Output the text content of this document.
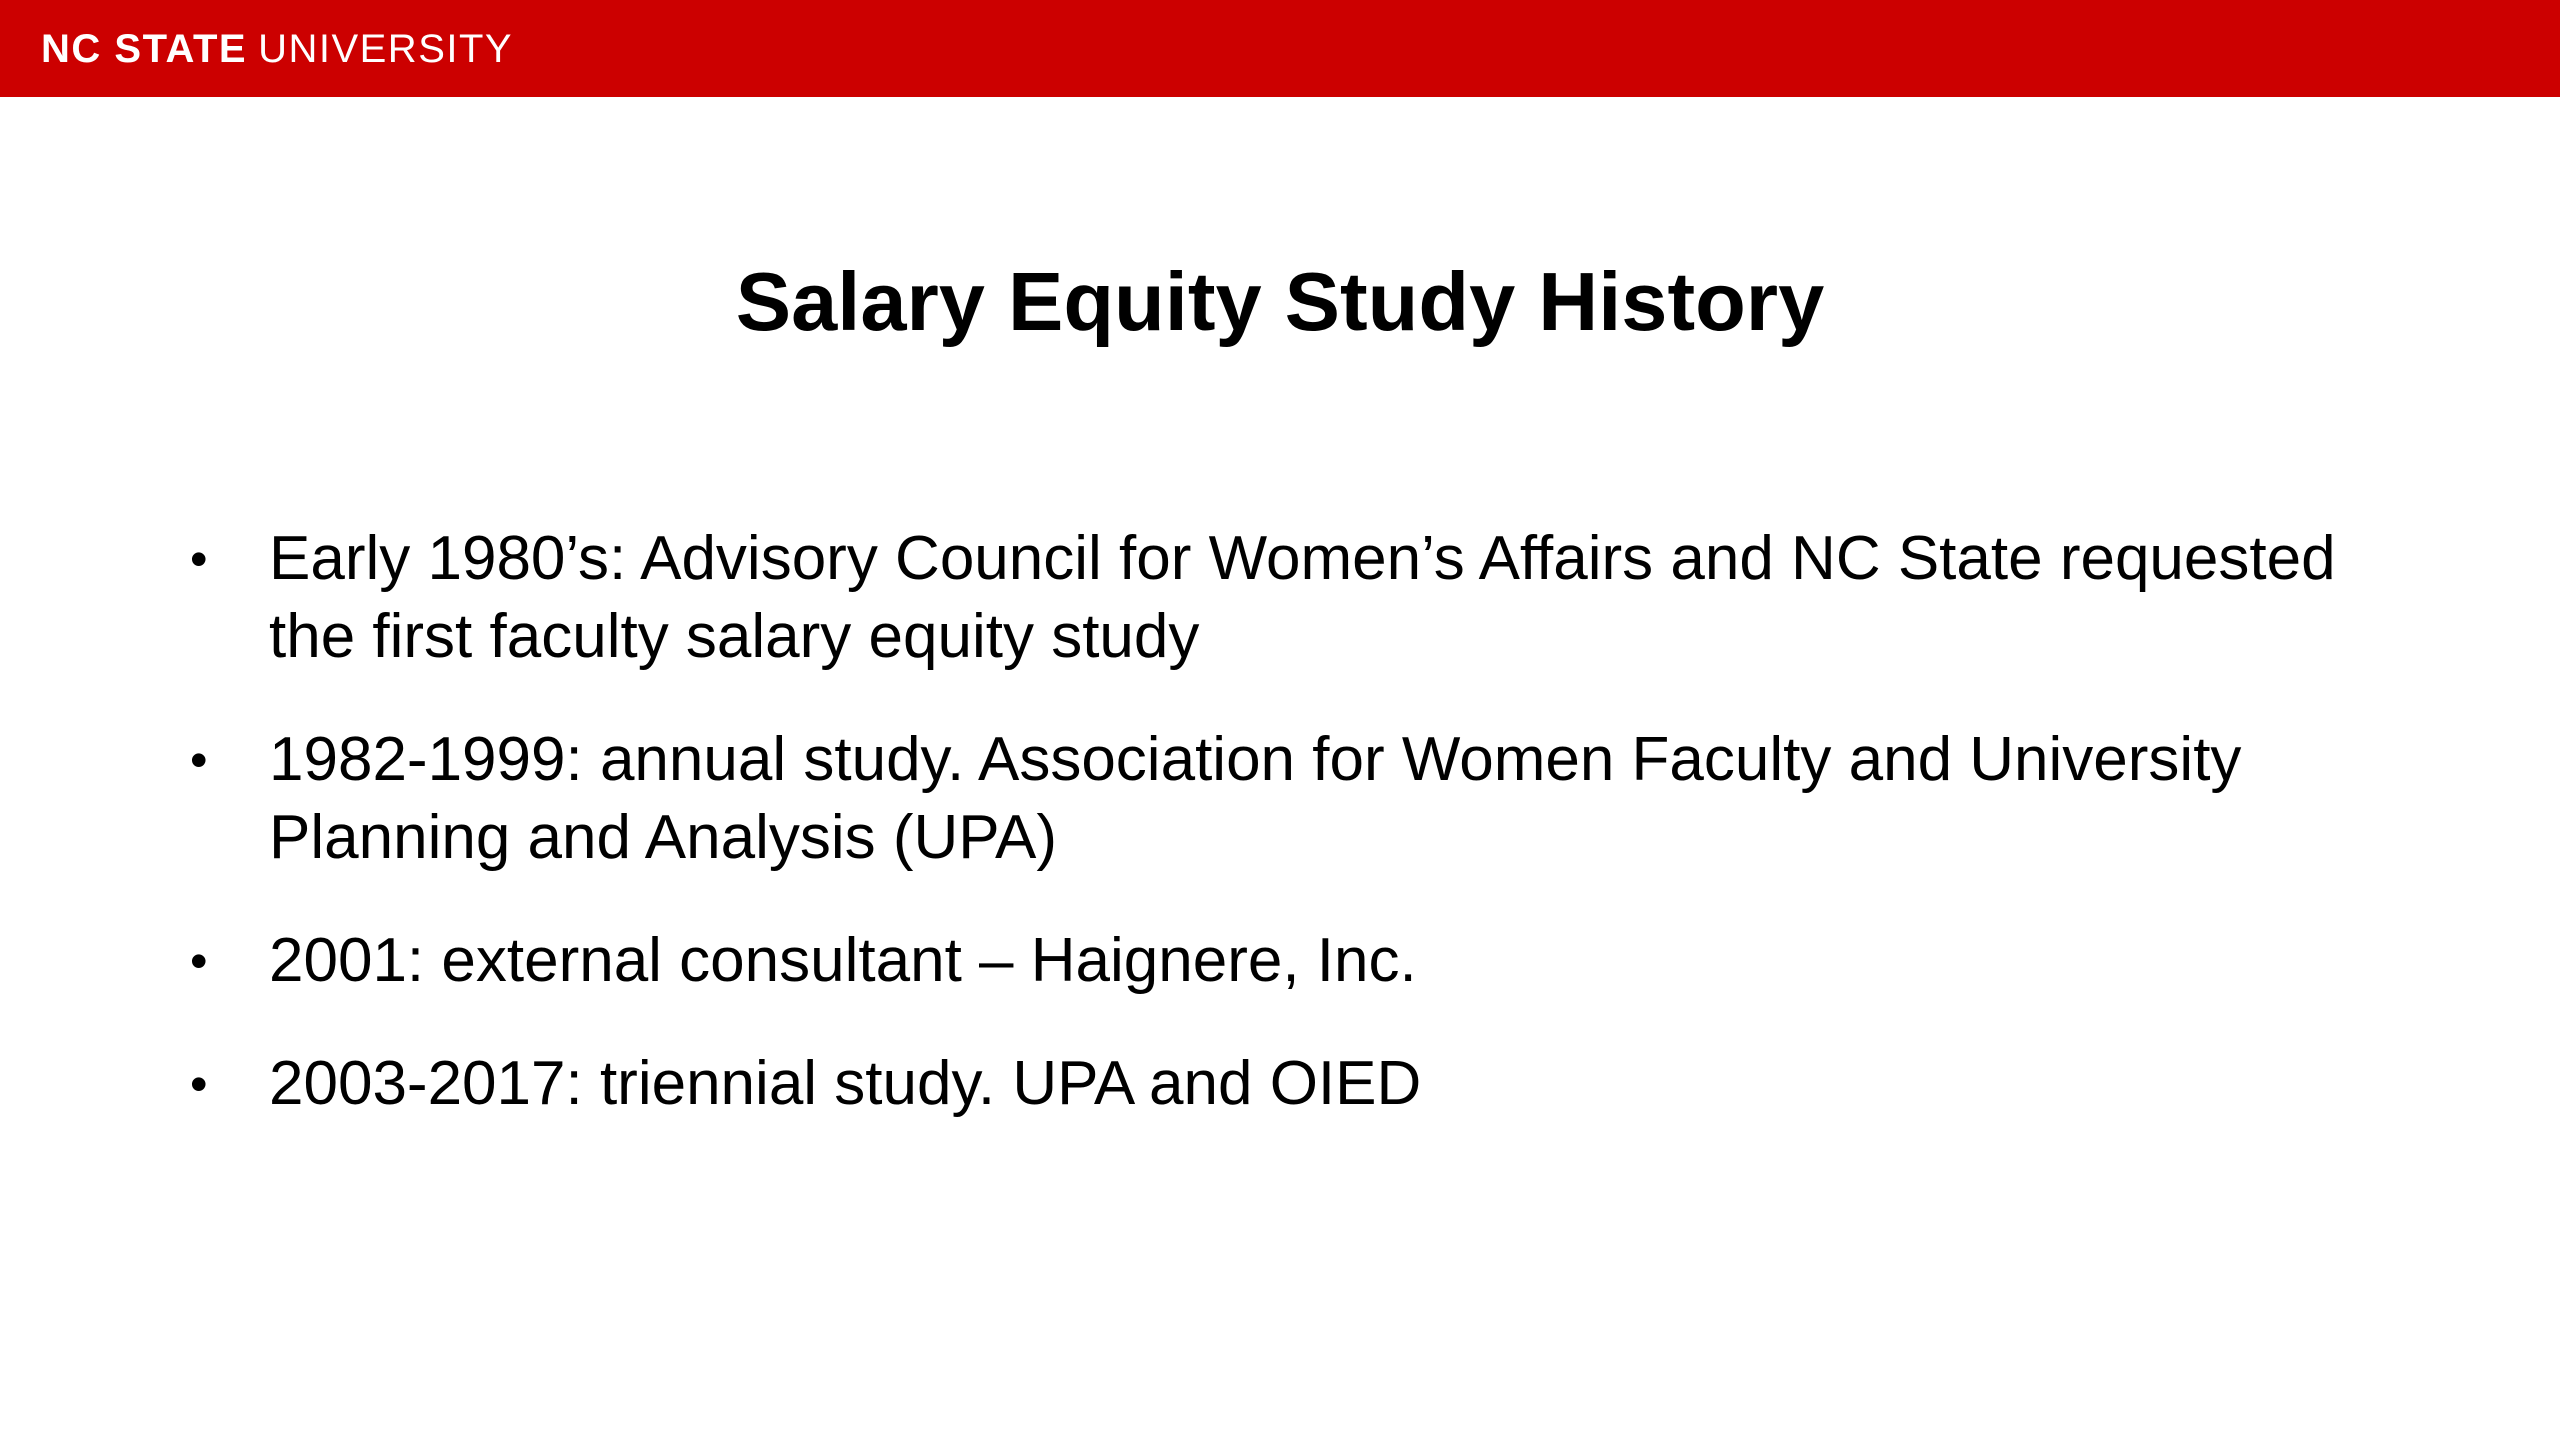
NC STATE UNIVERSITY
Salary Equity Study History
• Early 1980’s: Advisory Council for Women’s Affairs and NC State requested the first faculty salary equity study
• 1982-1999: annual study. Association for Women Faculty and University Planning and Analysis (UPA)
• 2001: external consultant – Haignere, Inc.
• 2003-2017: triennial study. UPA and OIED
